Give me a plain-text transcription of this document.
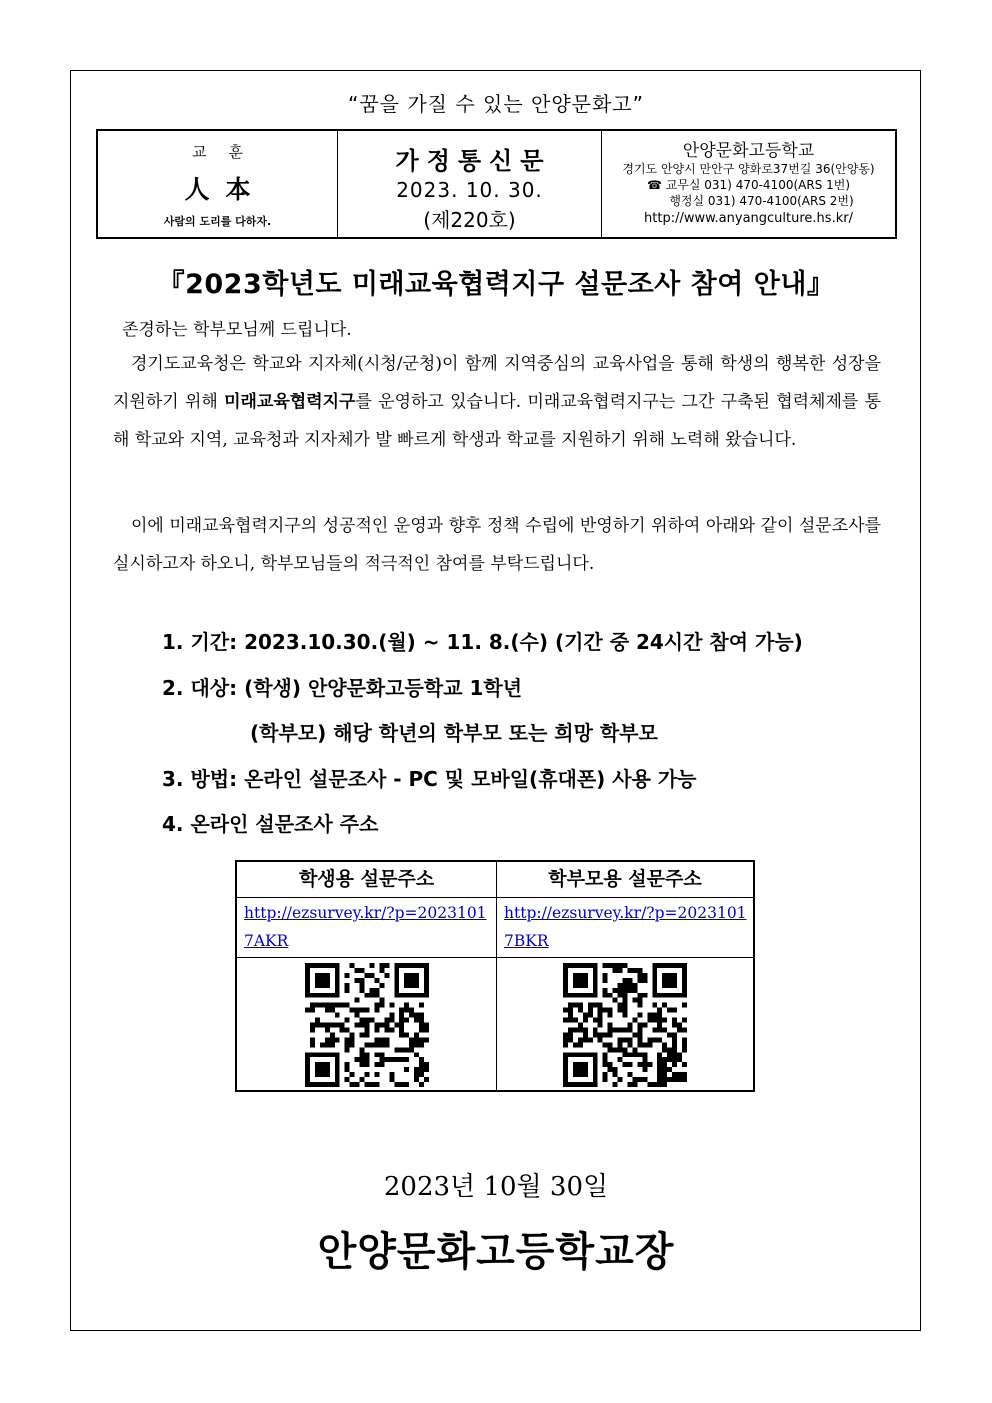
“꿈을 가질 수 있는 안양문화고”
교훈
人本
사람의 도리를 다하자.
가정통신문
2023. 10. 30.
(제220호)
안양문화고등학교
경기도 안양시 만안구 양화로37번길 36(안양동)
☎ 교무실 031) 470-4100(ARS 1번)
행정실 031) 470-4100(ARS 2번)
http://www.anyangculture.hs.kr/
『2023학년도 미래교육협력지구 설문조사 참여 안내』
존경하는 학부모님께 드립니다.
경기도교육청은 학교와 지자체(시청/군청)이 함께 지역중심의 교육사업을 통해 학생의 행복한 성장을 지원하기 위해 미래교육협력지구를 운영하고 있습니다. 미래교육협력지구는 그간 구축된 협력체제를 통해 학교와 지역, 교육청과 지자체가 발 빠르게 학생과 학교를 지원하기 위해 노력해 왔습니다.
이에 미래교육협력지구의 성공적인 운영과 향후 정책 수립에 반영하기 위하여 아래와 같이 설문조사를 실시하고자 하오니, 학부모님들의 적극적인 참여를 부탁드립니다.
1. 기간: 2023.10.30.(월) ~ 11. 8.(수) (기간 중 24시간 참여 가능)
2. 대상: (학생) 안양문화고등학교 1학년
(학부모) 해당 학년의 학부모 또는 희망 학부모
3. 방법: 온라인 설문조사 - PC 및 모바일(휴대폰) 사용 가능
4. 온라인 설문조사 주소
학생용 설문주소	학부모용 설문주소
http://ezsurvey.kr/?p=20231017AKR
http://ezsurvey.kr/?p=20231017BKR
2023년 10월 30일
안양문화고등학교장
